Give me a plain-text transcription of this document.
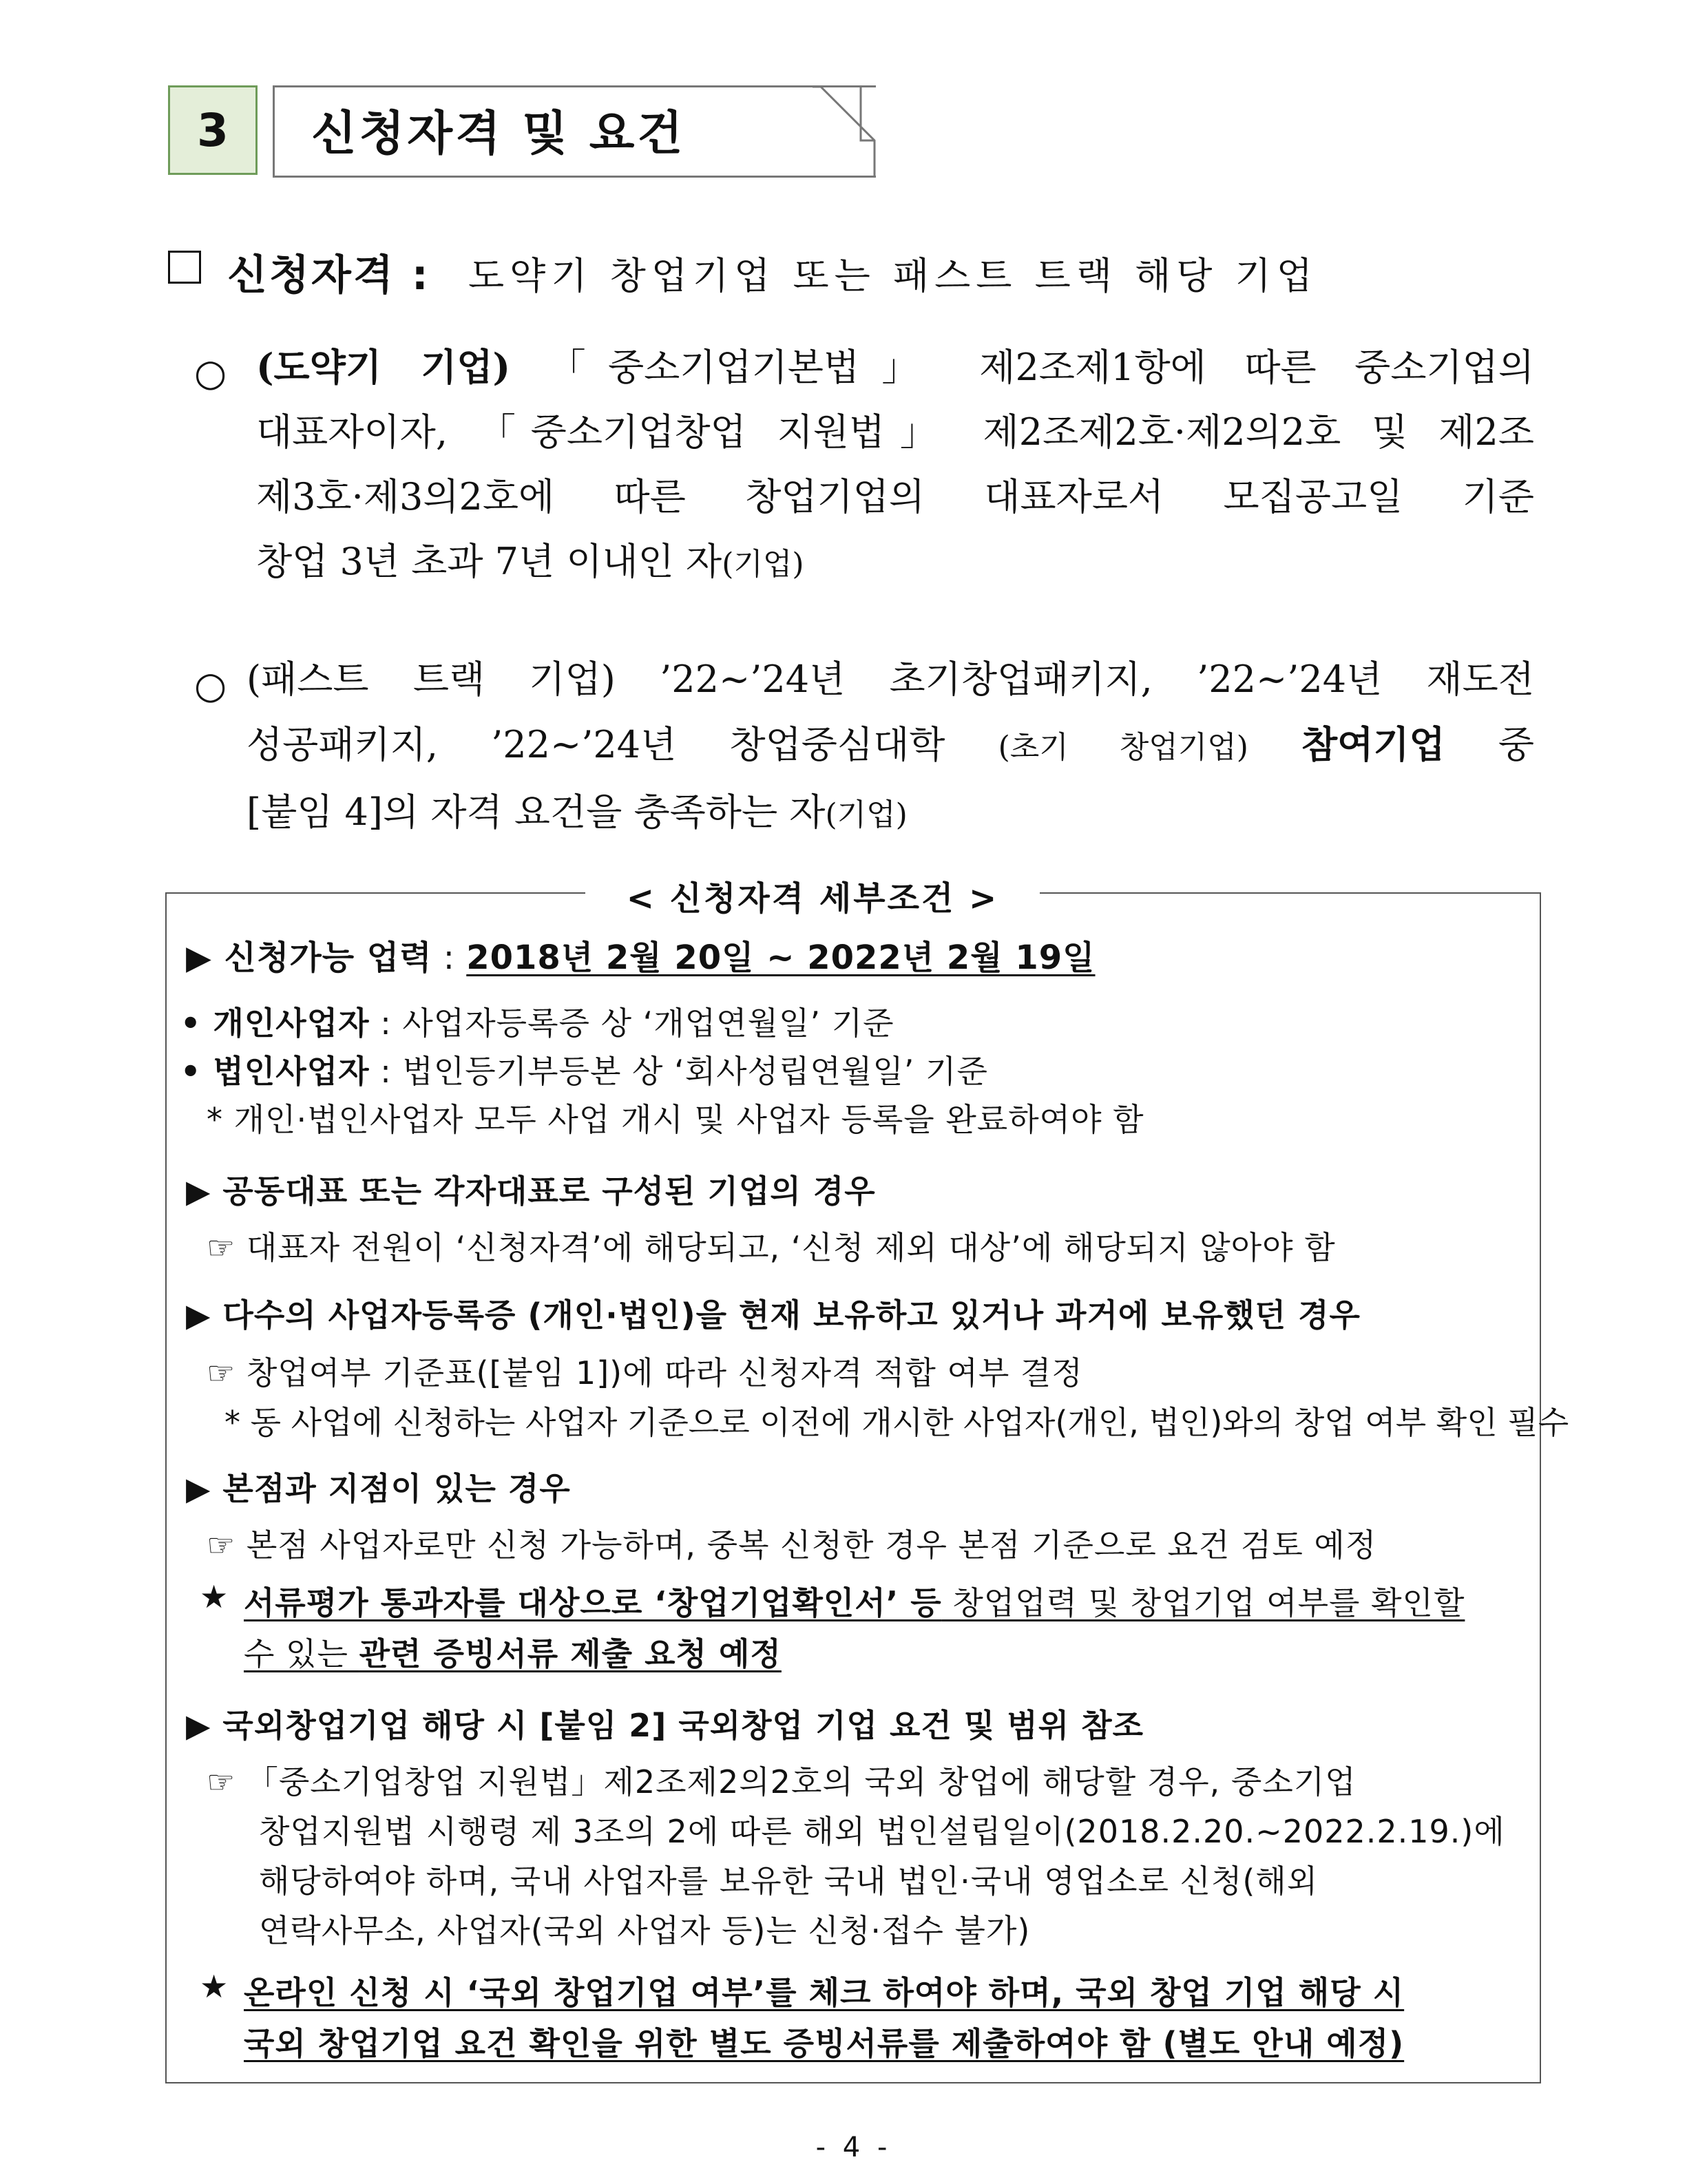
3	신청자격 및 요건
신청자격 : 도약기 창업기업 또는 패스트 트랙 해당 기업
○ (도약기 기업) 「중소기업기본법」 제2조제1항에 따른 중소기업의
대표자이자, 「중소기업창업 지원법」 제2조제2호·제2의2호 및 제2조
제3호·제3의2호에 따른 창업기업의 대표자로서 모집공고일 기준
창업 3년 초과 7년 이내인 자(기업)
○ (패스트 트랙 기업) ’22∼’24년 초기창업패키지, ’22∼’24년 재도전
성공패키지, ’22~’24년 창업중심대학 (초기 창업기업) 참여기업 중
[붙임 4]의 자격 요건을 충족하는 자(기업)
< 신청자격 세부조건 >
▶ 신청가능 업력 : 2018년 2월 20일 ~ 2022년 2월 19일
• 개인사업자 : 사업자등록증 상 ‘개업연월일’ 기준
• 법인사업자 : 법인등기부등본 상 ‘회사성립연월일’ 기준
* 개인·법인사업자 모두 사업 개시 및 사업자 등록을 완료하여야 함
▶ 공동대표 또는 각자대표로 구성된 기업의 경우
☞ 대표자 전원이 ‘신청자격’에 해당되고, ‘신청 제외 대상’에 해당되지 않아야 함
▶ 다수의 사업자등록증 (개인·법인)을 현재 보유하고 있거나 과거에 보유했던 경우
☞ 창업여부 기준표([붙임 1])에 따라 신청자격 적합 여부 결정
* 동 사업에 신청하는 사업자 기준으로 이전에 개시한 사업자(개인, 법인)와의 창업 여부 확인 필수
▶ 본점과 지점이 있는 경우
☞ 본점 사업자로만 신청 가능하며, 중복 신청한 경우 본점 기준으로 요건 검토 예정
★ 서류평가 통과자를 대상으로 ‘창업기업확인서’ 등 창업업력 및 창업기업 여부를 확인할
수 있는 관련 증빙서류 제출 요청 예정
▶ 국외창업기업 해당 시 [붙임 2] 국외창업 기업 요건 및 범위 참조
☞ 「중소기업창업 지원법」제2조제2의2호의 국외 창업에 해당할 경우, 중소기업
창업지원법 시행령 제 3조의 2에 따른 해외 법인설립일이(2018.2.20.~2022.2.19.)에
해당하여야 하며, 국내 사업자를 보유한 국내 법인·국내 영업소로 신청(해외
연락사무소, 사업자(국외 사업자 등)는 신청·접수 불가)
★ 온라인 신청 시 ‘국외 창업기업 여부’를 체크 하여야 하며, 국외 창업 기업 해당 시
국외 창업기업 요건 확인을 위한 별도 증빙서류를 제출하여야 함 (별도 안내 예정)
- 4 -
